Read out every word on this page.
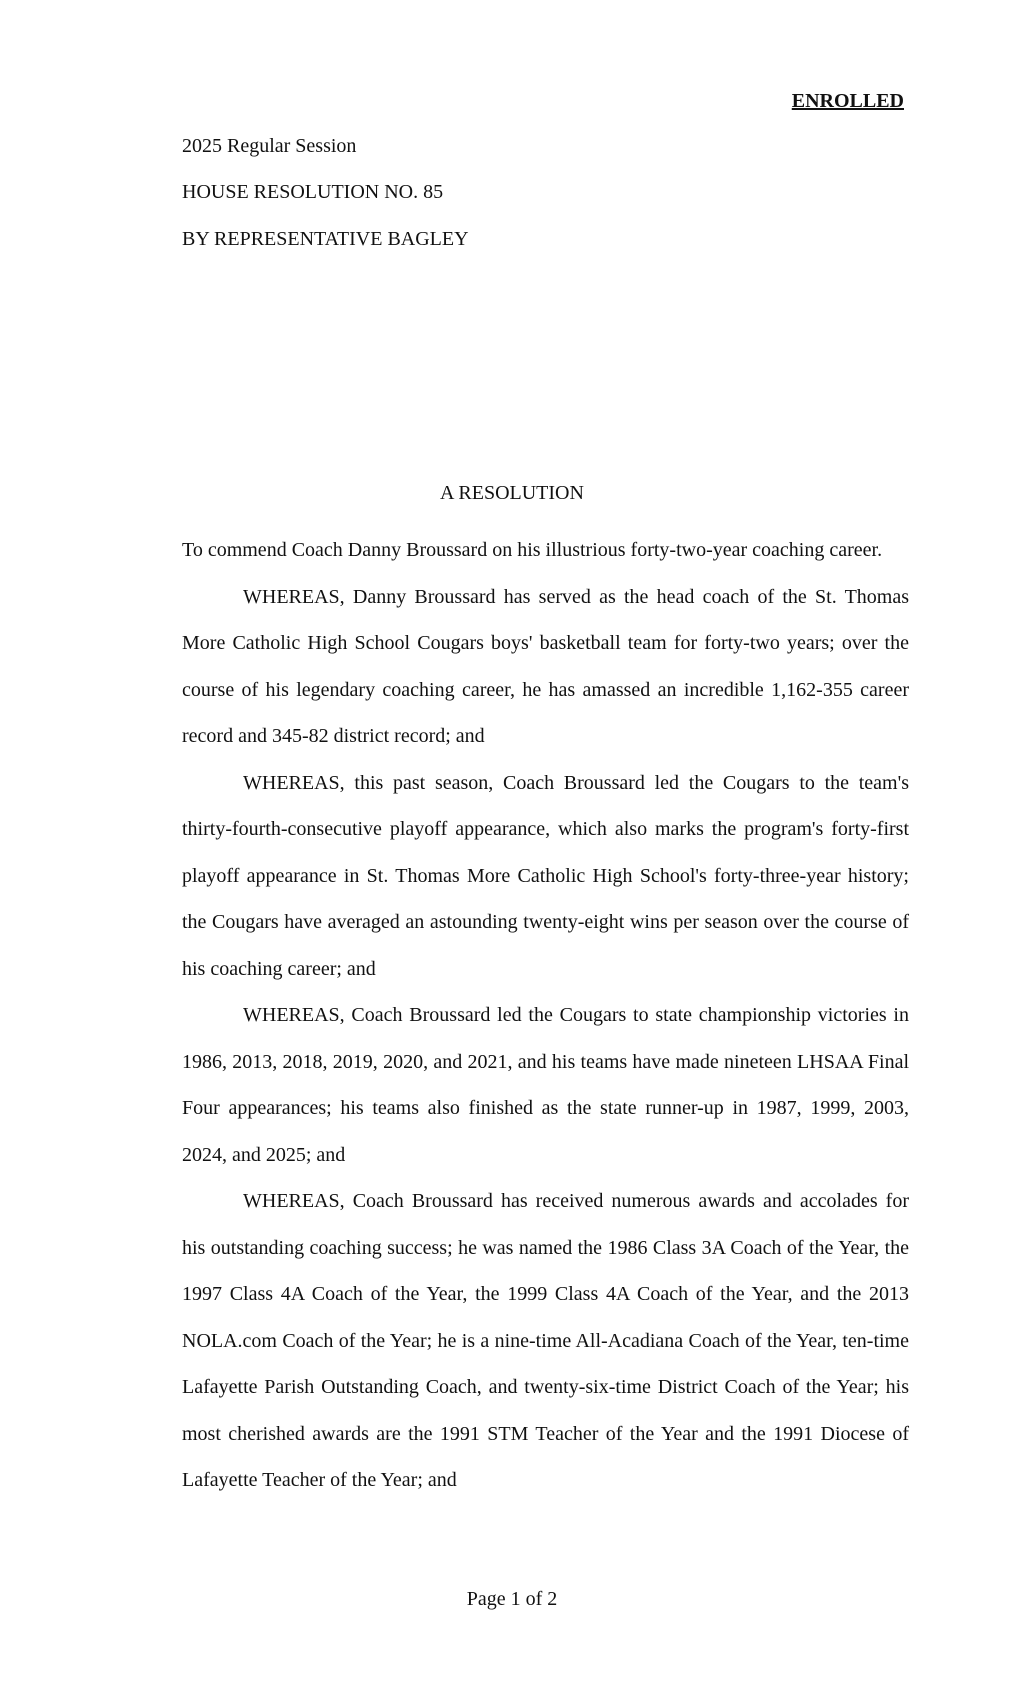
ENROLLED
2025 Regular Session
HOUSE RESOLUTION NO. 85
BY REPRESENTATIVE BAGLEY
A RESOLUTION

To commend Coach Danny Broussard on his illustrious forty-two-year coaching career.

WHEREAS, Danny Broussard has served as the head coach of the St. Thomas More Catholic High School Cougars boys' basketball team for forty-two years; over the course of his legendary coaching career, he has amassed an incredible 1,162-355 career record and 345-82 district record; and

WHEREAS, this past season, Coach Broussard led the Cougars to the team's thirty-fourth-consecutive playoff appearance, which also marks the program's forty-first playoff appearance in St. Thomas More Catholic High School's forty-three-year history; the Cougars have averaged an astounding twenty-eight wins per season over the course of his coaching career; and

WHEREAS, Coach Broussard led the Cougars to state championship victories in 1986, 2013, 2018, 2019, 2020, and 2021, and his teams have made nineteen LHSAA Final Four appearances; his teams also finished as the state runner-up in 1987, 1999, 2003, 2024, and 2025; and

WHEREAS, Coach Broussard has received numerous awards and accolades for his outstanding coaching success; he was named the 1986 Class 3A Coach of the Year, the 1997 Class 4A Coach of the Year, the 1999 Class 4A Coach of the Year, and the 2013 NOLA.com Coach of the Year; he is a nine-time All-Acadiana Coach of the Year, ten-time Lafayette Parish Outstanding Coach, and twenty-six-time District Coach of the Year; his most cherished awards are the 1991 STM Teacher of the Year and the 1991 Diocese of Lafayette Teacher of the Year; and

Page 1 of 2
